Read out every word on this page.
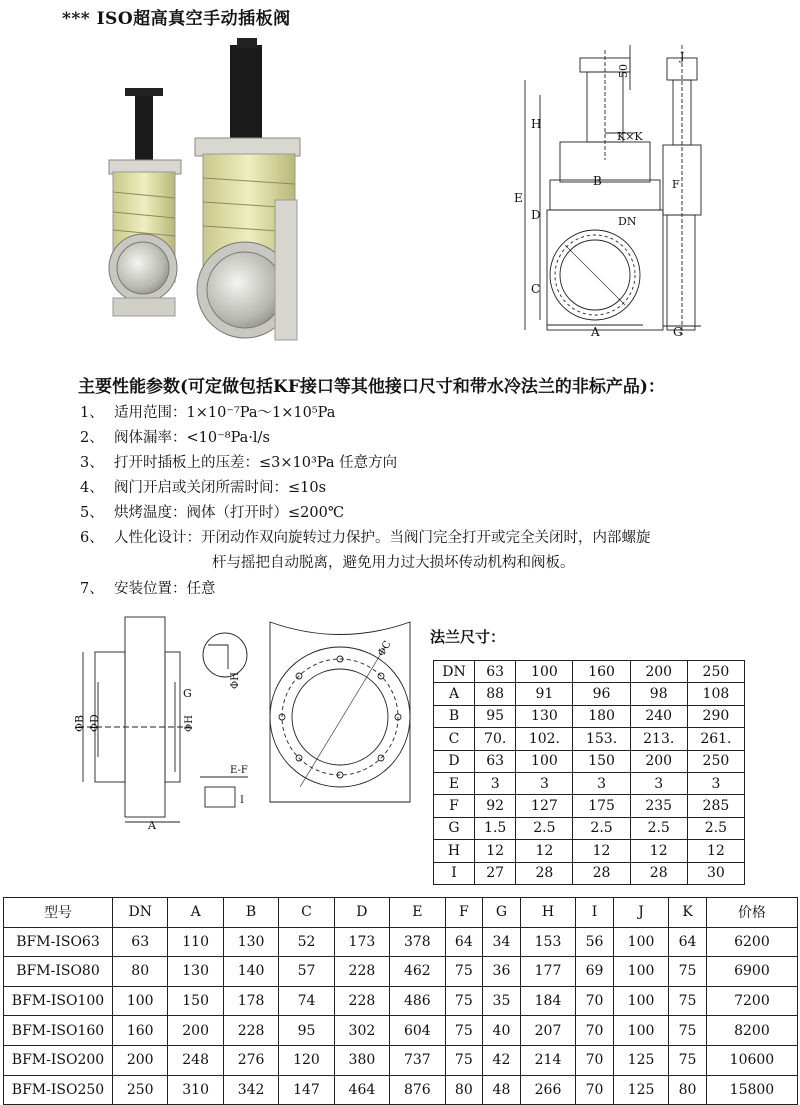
*** ISO超高真空手动插板阀	.
50
J
H
K×K
E
D
B	F
DN
C
A	G
主要性能参数(可定做包括KF接口等其他接口尺寸和带水冷法兰的非标产品)：
1、 适用范围：1×10⁻⁷Pa～1×10⁵Pa
2、 阀体漏率：<10⁻⁸Pa·l/s
3、 打开时插板上的压差：≤3×10³Pa 任意方向
4、 阀门开启或关闭所需时间：≤10s
5、 烘烤温度：阀体（打开时）≤200℃
6、 人性化设计：开闭动作双向旋转过力保护。当阀门完全打开或完全关闭时，内部螺旋
杆与摇把自动脱离，避免用力过大损坏传动机构和阀板。
7、 安装位置：任意
ΦB ΦD
G
ΦH
ΦH
E-F
I
A
ΦC
法兰尺寸：
DN	63	100	160	200	250
A	88	91	96	98	108
B	95	130	180	240	290
C	70.	102.	153.	213.	261.
D	63	100	150	200	250
E	3	3	3	3	3
F	92	127	175	235	285
G	1.5	2.5	2.5	2.5	2.5
H	12	12	12	12	12
I	27	28	28	28	30
型号	DN	A	B	C	D	E	F	G	H	I	J	K	价格
BFM-ISO63	63	110	130	52	173	378	64	34	153	56	100	64	6200
BFM-ISO80	80	130	140	57	228	462	75	36	177	69	100	75	6900
BFM-ISO100	100	150	178	74	228	486	75	35	184	70	100	75	7200
BFM-ISO160	160	200	228	95	302	604	75	40	207	70	100	75	8200
BFM-ISO200	200	248	276	120	380	737	75	42	214	70	125	75	10600
BFM-ISO250	250	310	342	147	464	876	80	48	266	70	125	80	15800
